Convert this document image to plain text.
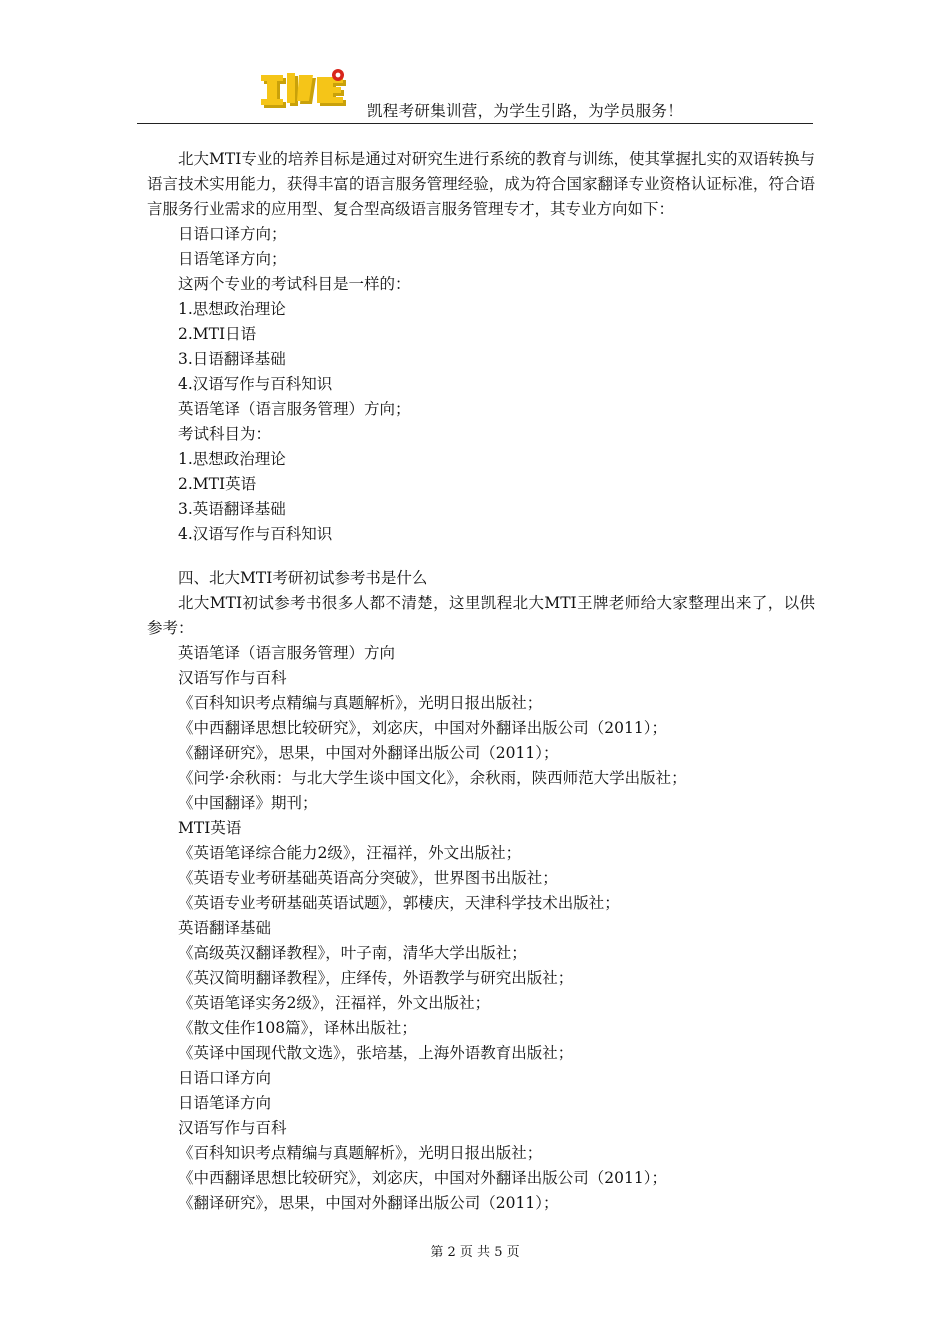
凯程考研集训营，为学生引路，为学员服务！

北大MTI专业的培养目标是通过对研究生进行系统的教育与训练，使其掌握扎实的双语转换与语言技术实用能力，获得丰富的语言服务管理经验，成为符合国家翻译专业资格认证标准，符合语言服务行业需求的应用型、复合型高级语言服务管理专才，其专业方向如下：

日语口译方向；

日语笔译方向；

这两个专业的考试科目是一样的：

1.思想政治理论

2.MTI日语

3.日语翻译基础

4.汉语写作与百科知识

英语笔译（语言服务管理）方向；

考试科目为：

1.思想政治理论

2.MTI英语

3.英语翻译基础

4.汉语写作与百科知识

四、北大MTI考研初试参考书是什么

北大MTI初试参考书很多人都不清楚，这里凯程北大MTI王牌老师给大家整理出来了，以供参考：

英语笔译（语言服务管理）方向

汉语写作与百科

《百科知识考点精编与真题解析》，光明日报出版社；

《中西翻译思想比较研究》，刘宓庆，中国对外翻译出版公司（2011）；

《翻译研究》，思果，中国对外翻译出版公司（2011）；

《问学·余秋雨：与北大学生谈中国文化》，余秋雨，陕西师范大学出版社；

《中国翻译》期刊；

MTI英语

《英语笔译综合能力2级》，汪福祥，外文出版社；

《英语专业考研基础英语高分突破》，世界图书出版社；

《英语专业考研基础英语试题》，郭棲庆，天津科学技术出版社；

英语翻译基础

《高级英汉翻译教程》，叶子南，清华大学出版社；

《英汉简明翻译教程》，庄绎传，外语教学与研究出版社；

《英语笔译实务2级》，汪福祥，外文出版社；

《散文佳作108篇》，译林出版社；

《英译中国现代散文选》，张培基，上海外语教育出版社；

日语口译方向

日语笔译方向

汉语写作与百科

《百科知识考点精编与真题解析》，光明日报出版社；

《中西翻译思想比较研究》，刘宓庆，中国对外翻译出版公司（2011）；

《翻译研究》，思果，中国对外翻译出版公司（2011）；

第 2 页 共 5 页
